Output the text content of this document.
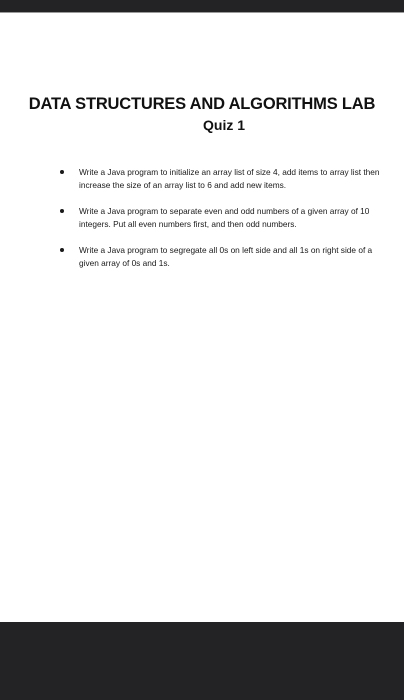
DATA STRUCTURES AND ALGORITHMS LAB
Quiz 1
Write a Java program to initialize an array list of size 4, add items to array list then increase the size of an array list to 6 and add new items.
Write a Java program to separate even and odd numbers of a given array of 10 integers. Put all even numbers first, and then odd numbers.
Write a Java program to segregate all 0s on left side and all 1s on right side of a given array of 0s and 1s.
